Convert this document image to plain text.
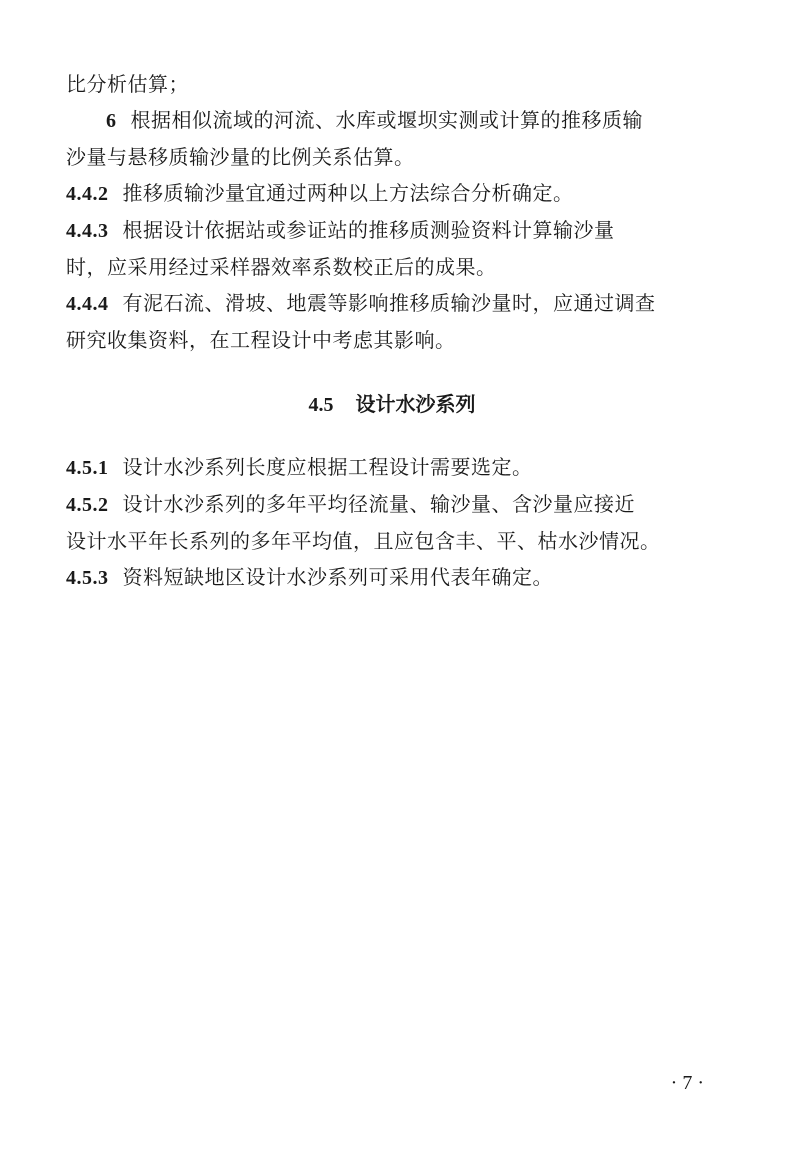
比分析估算；
6 根据相似流域的河流、水库或堰坝实测或计算的推移质输
沙量与悬移质输沙量的比例关系估算。
4.4.2 推移质输沙量宜通过两种以上方法综合分析确定。
4.4.3 根据设计依据站或参证站的推移质测验资料计算输沙量
时，应采用经过采样器效率系数校正后的成果。
4.4.4 有泥石流、滑坡、地震等影响推移质输沙量时，应通过调查
研究收集资料，在工程设计中考虑其影响。
4.5 设计水沙系列
4.5.1 设计水沙系列长度应根据工程设计需要选定。
4.5.2 设计水沙系列的多年平均径流量、输沙量、含沙量应接近
设计水平年长系列的多年平均值，且应包含丰、平、枯水沙情况。
4.5.3 资料短缺地区设计水沙系列可采用代表年确定。
· 7 ·
